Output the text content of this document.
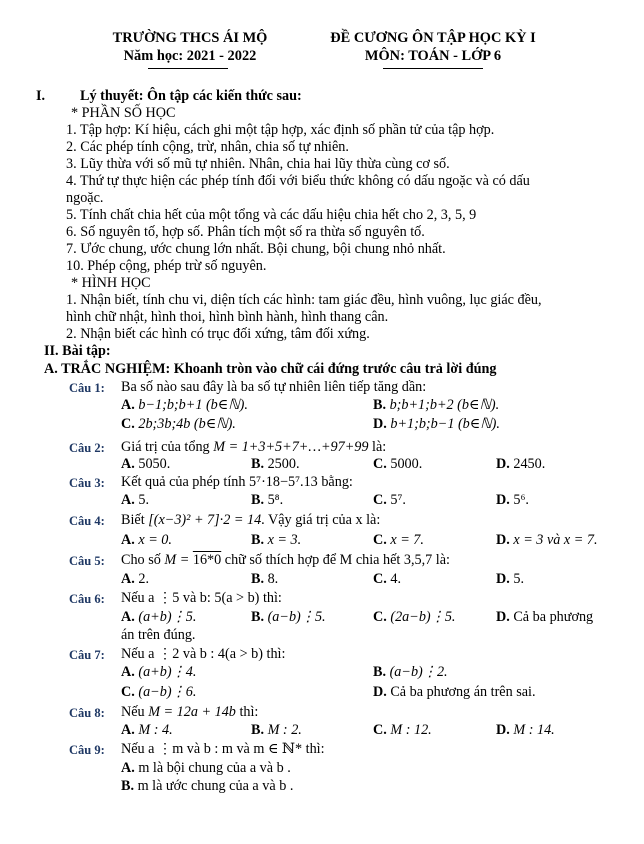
TRƯỜNG THCS ÁI MỘ
Năm học: 2021 - 2022
ĐỀ CƯƠNG ÔN TẬP HỌC KỲ I
MÔN: TOÁN - LỚP 6
I. Lý thuyết: Ôn tập các kiến thức sau:
* PHẦN SỐ HỌC
1. Tập hợp: Kí hiệu, cách ghi một tập hợp, xác định số phần tử của tập hợp.
2. Các phép tính cộng, trừ, nhân, chia số tự nhiên.
3. Lũy thừa với số mũ tự nhiên. Nhân, chia hai lũy thừa cùng cơ số.
4. Thứ tự thực hiện các phép tính đối với biểu thức không có dấu ngoặc và có dấu
ngoặc.
5. Tính chất chia hết của một tổng và các dấu hiệu chia hết cho 2, 3, 5, 9
6. Số nguyên tố, hợp số. Phân tích một số ra thừa số nguyên tố.
7. Ước chung, ước chung lớn nhất. Bội chung, bội chung nhỏ nhất.
10. Phép cộng, phép trừ số nguyên.
* HÌNH HỌC
1. Nhận biết, tính chu vi, diện tích các hình: tam giác đều, hình vuông, lục giác đều,
hình chữ nhật, hình thoi, hình bình hành, hình thang cân.
2. Nhận biết các hình có trục đối xứng, tâm đối xứng.
II. Bài tập:
A. TRẮC NGHIỆM: Khoanh tròn vào chữ cái đứng trước câu trả lời đúng
Câu 1: Ba số nào sau đây là ba số tự nhiên liên tiếp tăng dần:
A. b−1;b;b+1 (b∈ℕ).	B. b;b+1;b+2 (b∈ℕ).
C. 2b;3b;4b (b∈ℕ).	D. b+1;b;b−1 (b∈ℕ).
Câu 2: Giá trị của tổng M = 1+3+5+7+…+97+99 là:
A. 5050.	B. 2500.	C. 5000.	D. 2450.
Câu 3: Kết quả của phép tính 5⁷·18−5⁷.13 bằng:
A. 5.	B. 5⁸.	C. 5⁷.	D. 5⁶.
Câu 4: Biết [(x−3)² + 7]·2 = 14. Vậy giá trị của x là:
A. x = 0.	B. x = 3.	C. x = 7.	D. x = 3 và x = 7.
Câu 5: Cho số M = 16*0 chữ số thích hợp để M chia hết 3,5,7 là:
A. 2.	B. 8.	C. 4.	D. 5.
Câu 6: Nếu a ⋮5 và b: 5(a > b) thì:
A. (a+b)⋮5.	B. (a−b)⋮5.	C. (2a−b)⋮5.	D. Cả ba phương
án trên đúng.
Câu 7: Nếu a ⋮2 và b : 4(a > b) thì:
A. (a+b)⋮4.	B. (a−b)⋮2.
C. (a−b)⋮6.	D. Cả ba phương án trên sai.
Câu 8: Nếu M = 12a + 14b thì:
A. M : 4.	B. M : 2.	C. M : 12.	D. M : 14.
Câu 9: Nếu a ⋮m và b : m và m ∈ ℕ* thì:
A. m là bội chung của a và b .
B. m là ước chung của a và b .
